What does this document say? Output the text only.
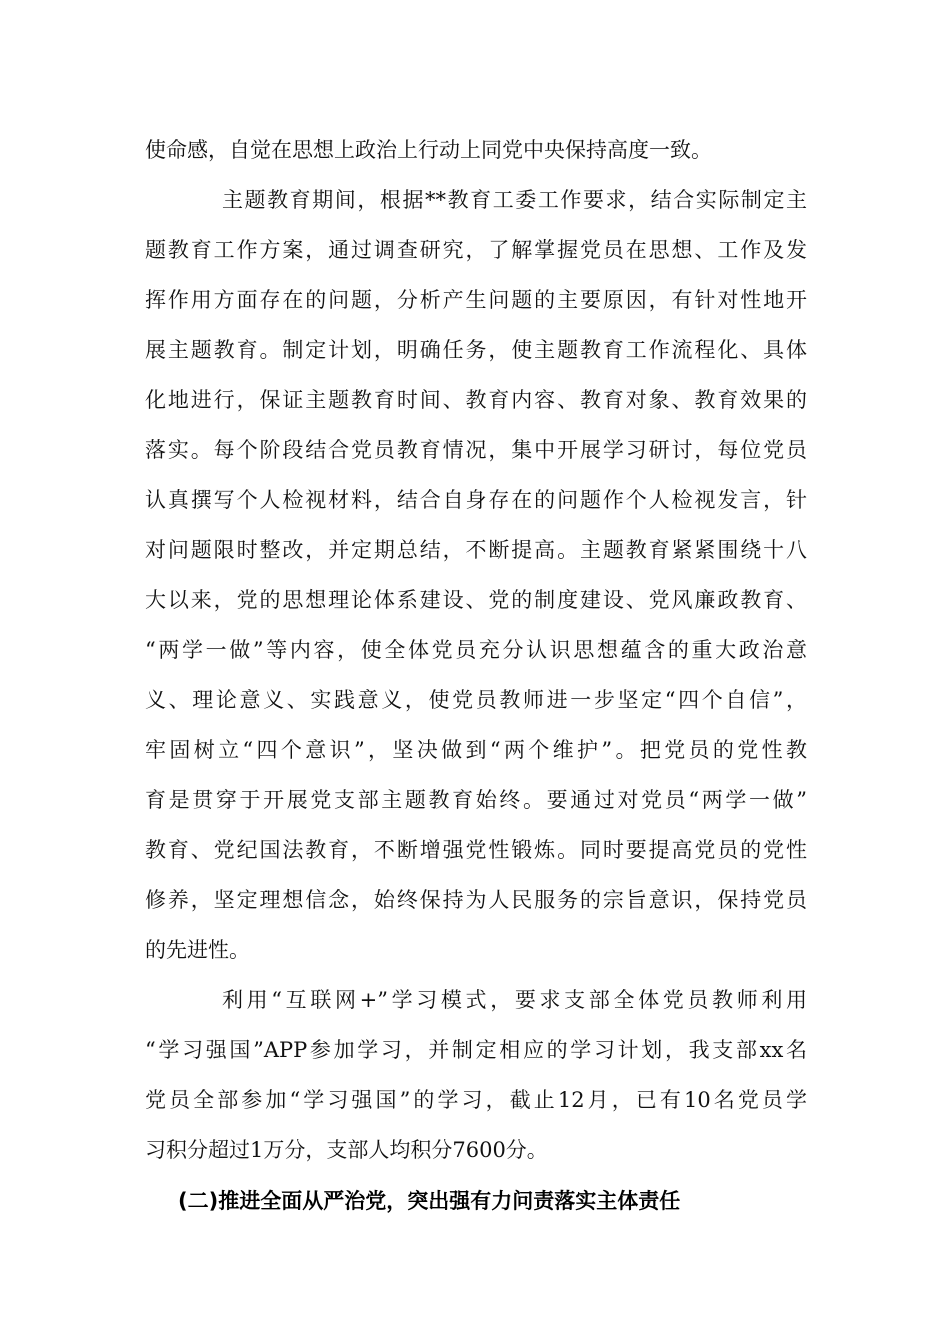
使命感，自觉在思想上政治上行动上同党中央保持高度一致。
主题教育期间，根据**教育工委工作要求，结合实际制定主
题教育工作方案，通过调查研究，了解掌握党员在思想、工作及发
挥作用方面存在的问题，分析产生问题的主要原因，有针对性地开
展主题教育。制定计划，明确任务，使主题教育工作流程化、具体
化地进行，保证主题教育时间、教育内容、教育对象、教育效果的
落实。每个阶段结合党员教育情况，集中开展学习研讨，每位党员
认真撰写个人检视材料，结合自身存在的问题作个人检视发言，针
对问题限时整改，并定期总结，不断提高。主题教育紧紧围绕十八
大以来，党的思想理论体系建设、党的制度建设、党风廉政教育、
“两学一做”等内容，使全体党员充分认识思想蕴含的重大政治意
义、理论意义、实践意义，使党员教师进一步坚定“四个自信”，
牢固树立“四个意识”，坚决做到“两个维护”。把党员的党性教
育是贯穿于开展党支部主题教育始终。要通过对党员“两学一做”
教育、党纪国法教育，不断增强党性锻炼。同时要提高党员的党性
修养，坚定理想信念，始终保持为人民服务的宗旨意识，保持党员
的先进性。
利用“互联网+”学习模式，要求支部全体党员教师利用
“学习强国”APP参加学习，并制定相应的学习计划，我支部xx名
党员全部参加“学习强国”的学习，截止12月，已有10名党员学
习积分超过1万分，支部人均积分7600分。
(二)推进全面从严治党，突出强有力问责落实主体责任
